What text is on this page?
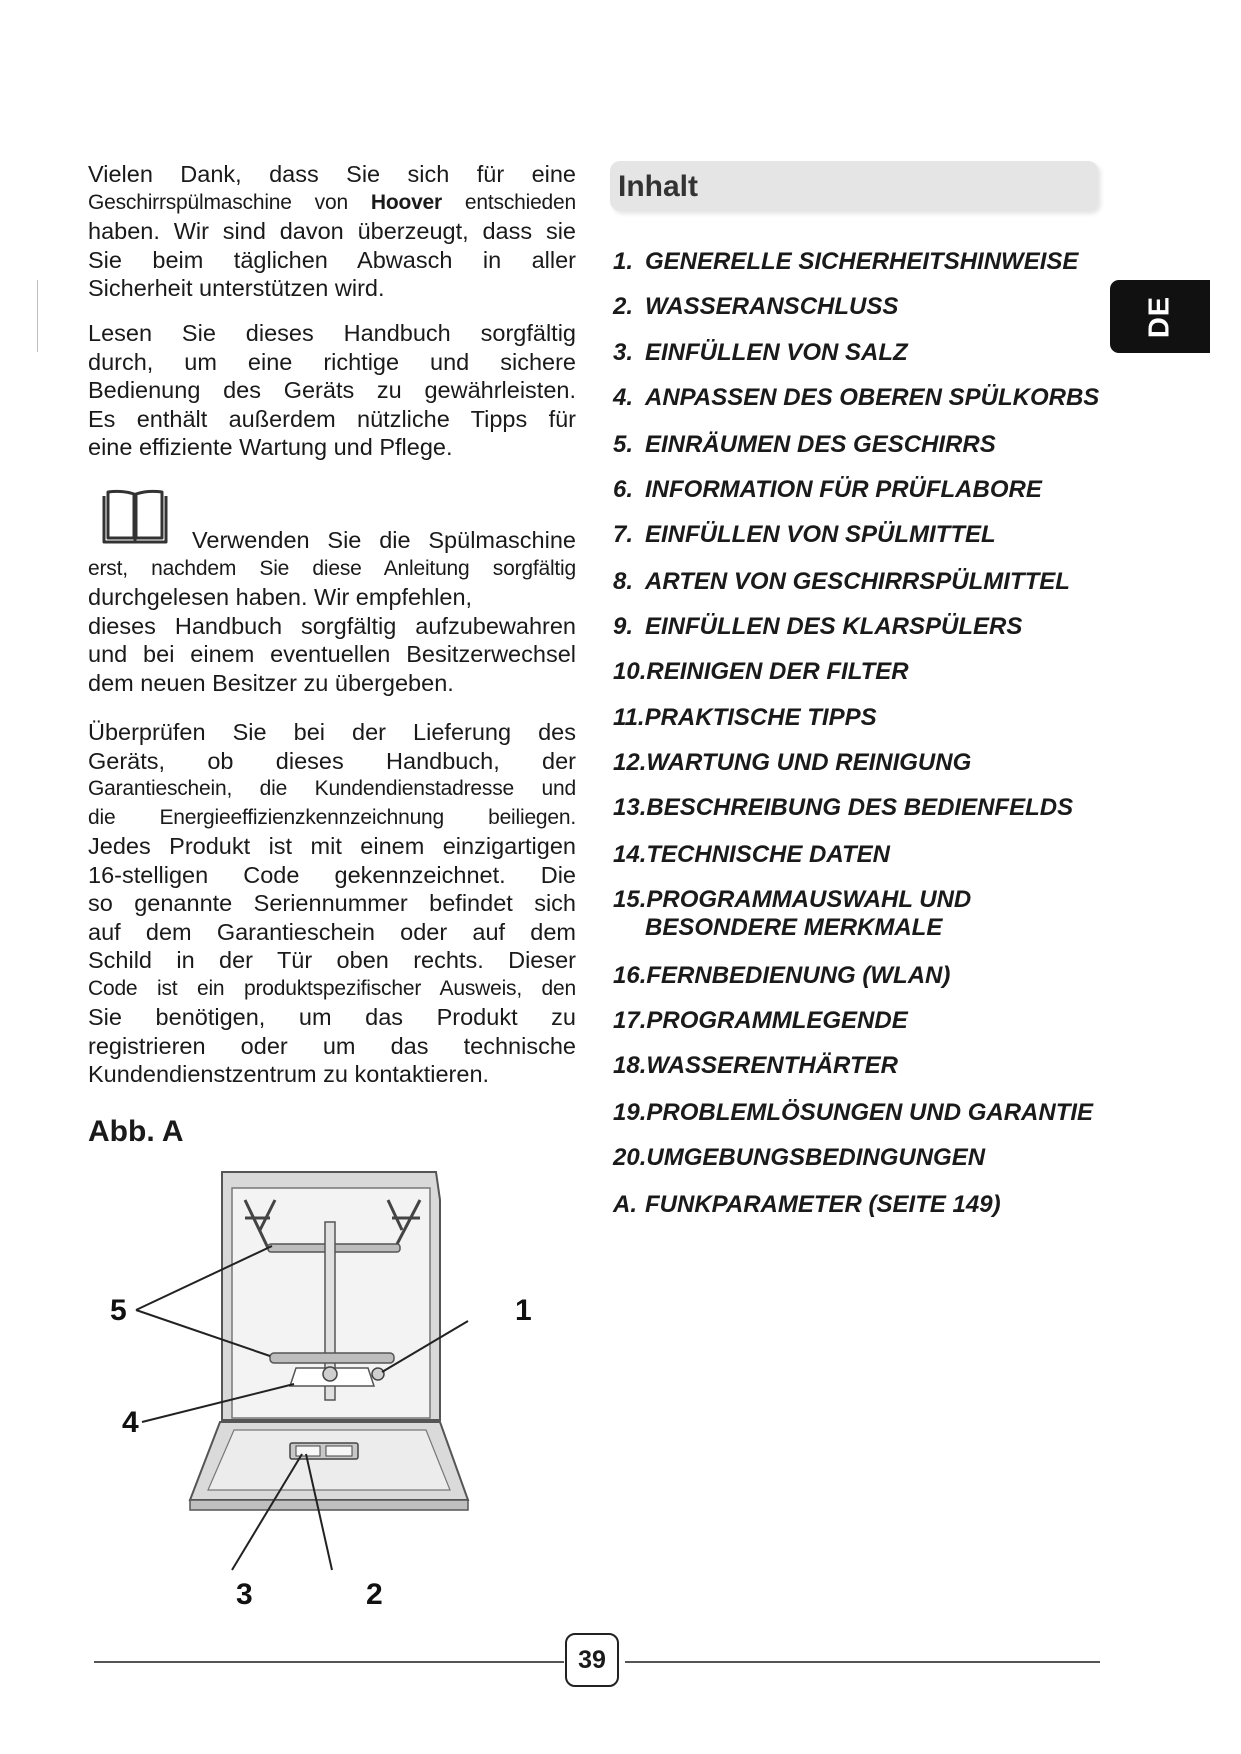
Vielen Dank, dass Sie sich für eine
Geschirrspülmaschine von Hoover entschieden
haben. Wir sind davon überzeugt, dass sie
Sie beim täglichen Abwasch in aller
Sicherheit unterstützen wird.

Lesen Sie dieses Handbuch sorgfältig
durch, um eine richtige und sichere
Bedienung des Geräts zu gewährleisten.
Es enthält außerdem nützliche Tipps für
eine effiziente Wartung und Pflege.

Verwenden Sie die Spülmaschine
erst, nachdem Sie diese Anleitung sorgfältig
durchgelesen haben. Wir empfehlen,
dieses Handbuch sorgfältig aufzubewahren
und bei einem eventuellen Besitzerwechsel
dem neuen Besitzer zu übergeben.

Überprüfen Sie bei der Lieferung des
Geräts, ob dieses Handbuch, der
Garantieschein, die Kundendienstadresse und
die Energieeffizienzkennzeichnung beiliegen.
Jedes Produkt ist mit einem einzigartigen
16-stelligen Code gekennzeichnet. Die
so genannte Seriennummer befindet sich
auf dem Garantieschein oder auf dem
Schild in der Tür oben rechts. Dieser
Code ist ein produktspezifischer Ausweis, den
Sie benötigen, um das Produkt zu
registrieren oder um das technische
Kundendienstzentrum zu kontaktieren.

Abb. A
5	1
4
3	2
Inhalt
1. GENERELLE SICHERHEITSHINWEISE
2. WASSERANSCHLUSS
3. EINFÜLLEN VON SALZ
4. ANPASSEN DES OBEREN SPÜLKORBS
5. EINRÄUMEN DES GESCHIRRS
6. INFORMATION FÜR PRÜFLABORE
7. EINFÜLLEN VON SPÜLMITTEL
8. ARTEN VON GESCHIRRSPÜLMITTEL
9. EINFÜLLEN DES KLARSPÜLERS
10.REINIGEN DER FILTER
11.PRAKTISCHE TIPPS
12.WARTUNG UND REINIGUNG
13.BESCHREIBUNG DES BEDIENFELDS
14.TECHNISCHE DATEN
15.PROGRAMMAUSWAHL UND
BESONDERE MERKMALE
16.FERNBEDIENUNG (WLAN)
17.PROGRAMMLEGENDE
18.WASSERENTHÄRTER
19.PROBLEMLÖSUNGEN UND GARANTIE
20.UMGEBUNGSBEDINGUNGEN
A. FUNKPARAMETER (SEITE 149)
DE
39
